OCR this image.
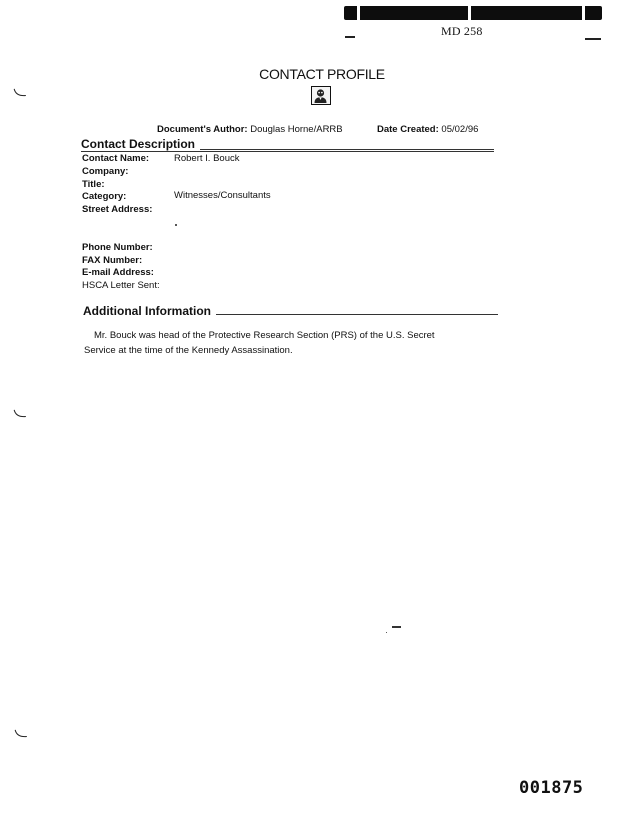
MD 258
CONTACT PROFILE
Document's Author: Douglas Horne/ARRB	Date Created: 05/02/96
Contact Description
Contact Name:	Robert I. Bouck
Company:
Title:
Category:	Witnesses/Consultants
Street Address:
Phone Number:
FAX Number:
E-mail Address:
HSCA Letter Sent:
Additional Information
Mr. Bouck was head of the Protective Research Section (PRS) of the U.S. Secret
Service at the time of the Kennedy Assassination.
001875
